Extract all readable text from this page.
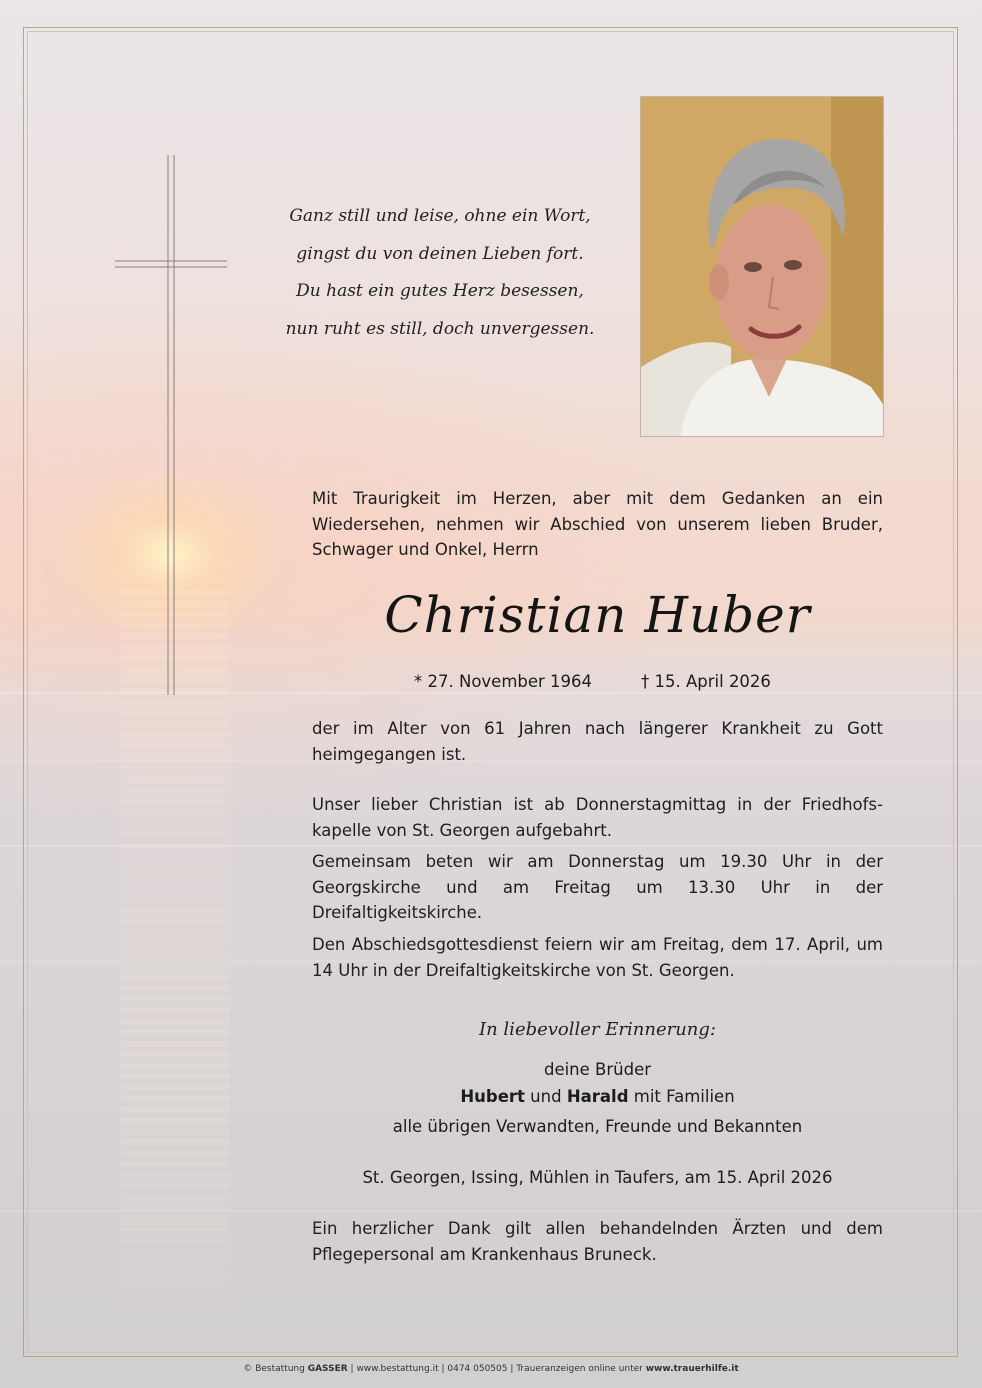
Ganz still und leise, ohne ein Wort,
gingst du von deinen Lieben fort.
Du hast ein gutes Herz besessen,
nun ruht es still, doch unvergessen.
Mit Traurigkeit im Herzen, aber mit dem Gedanken an ein Wiedersehen, nehmen wir Abschied von unserem lieben Bruder, Schwager und Onkel, Herrn
Christian Huber
* 27. November 1964	† 15. April 2026
der im Alter von 61 Jahren nach längerer Krankheit zu Gott heimgegangen ist.
Unser lieber Christian ist ab Donnerstagmittag in der Friedhofskapelle von St. Georgen aufgebahrt.
Gemeinsam beten wir am Donnerstag um 19.30 Uhr in der Georgskirche und am Freitag um 13.30 Uhr in der Dreifaltigkeitskirche.
Den Abschiedsgottesdienst feiern wir am Freitag, dem 17. April, um 14 Uhr in der Dreifaltigkeitskirche von St. Georgen.
In liebevoller Erinnerung:
deine Brüder
Hubert und Harald mit Familien
alle übrigen Verwandten, Freunde und Bekannten
St. Georgen, Issing, Mühlen in Taufers, am 15. April 2026
Ein herzlicher Dank gilt allen behandelnden Ärzten und dem Pflegepersonal am Krankenhaus Bruneck.
© Bestattung GASSER | www.bestattung.it | 0474 050505 | Traueranzeigen online unter www.trauerhilfe.it
